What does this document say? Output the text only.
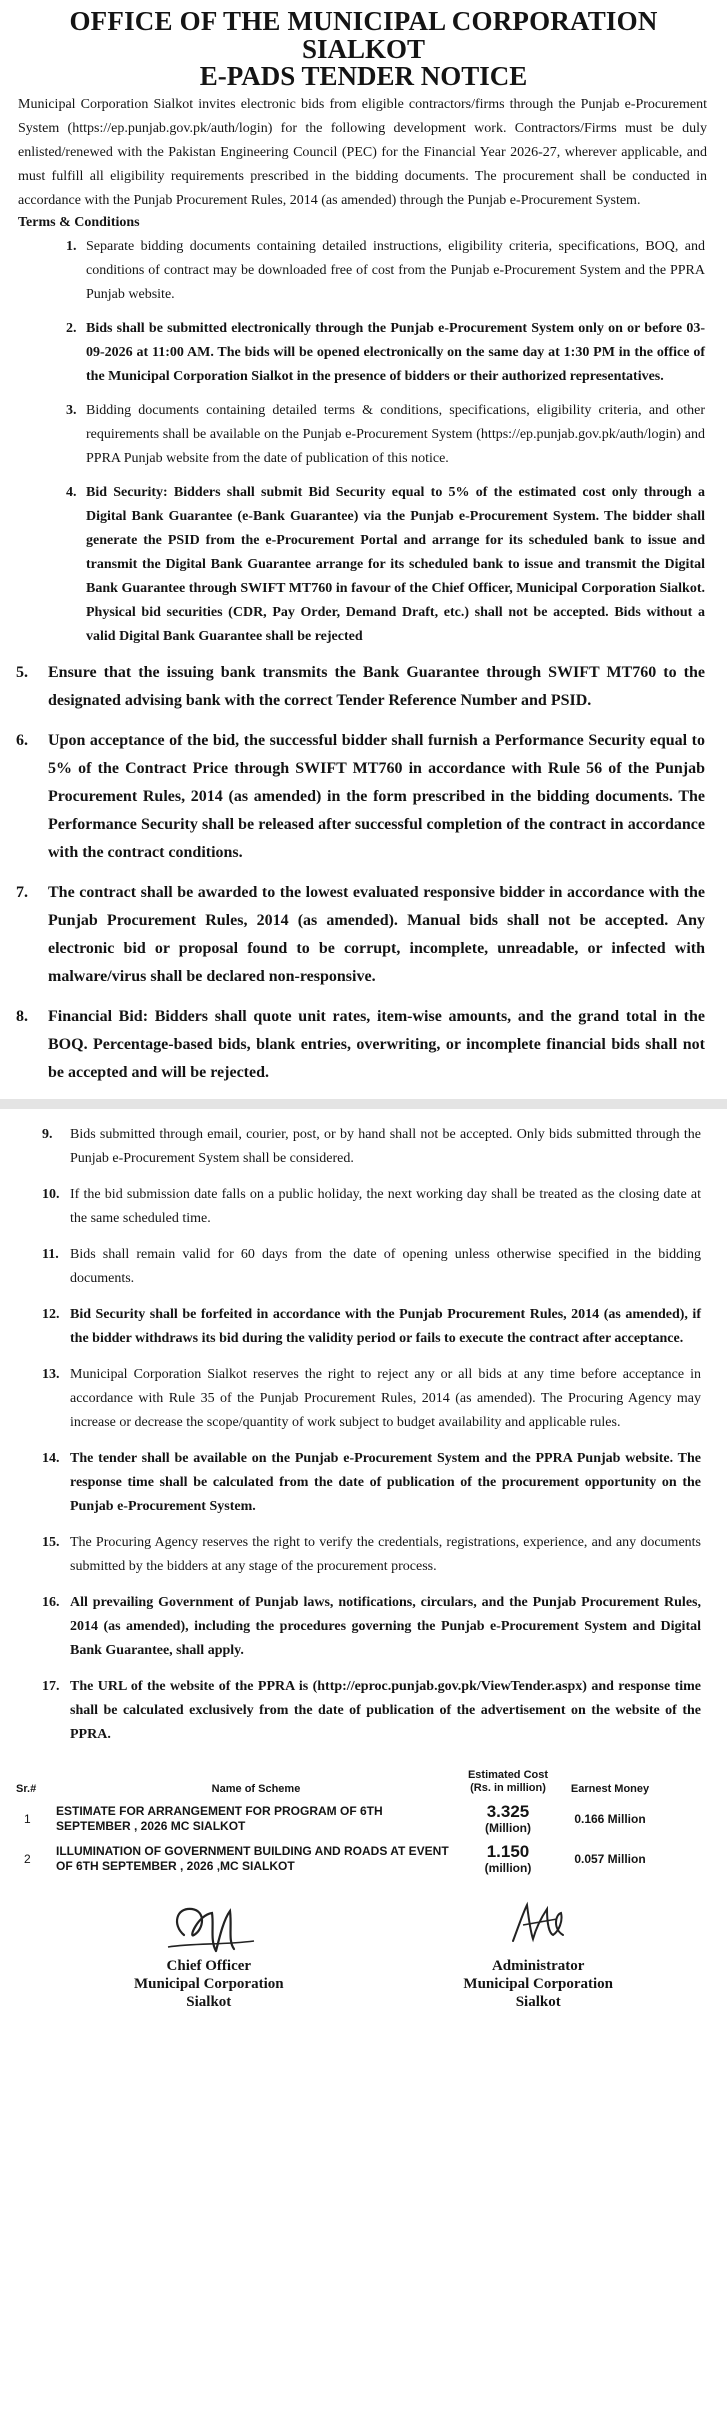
OFFICE OF THE MUNICIPAL CORPORATION
SIALKOT
E-PADS TENDER NOTICE

Municipal Corporation Sialkot invites electronic bids from eligible contractors/firms through the Punjab e-Procurement System (https://ep.punjab.gov.pk/auth/login) for the following development work. Contractors/Firms must be duly enlisted/renewed with the Pakistan Engineering Council (PEC) for the Financial Year 2026-27, wherever applicable, and must fulfill all eligibility requirements prescribed in the bidding documents. The procurement shall be conducted in accordance with the Punjab Procurement Rules, 2014 (as amended) through the Punjab e-Procurement System.

Terms & Conditions
1. Separate bidding documents containing detailed instructions, eligibility criteria, specifications, BOQ, and conditions of contract may be downloaded free of cost from the Punjab e-Procurement System and the PPRA Punjab website.
2. Bids shall be submitted electronically through the Punjab e-Procurement System only on or before 03-09-2026 at 11:00 AM. The bids will be opened electronically on the same day at 1:30 PM in the office of the Municipal Corporation Sialkot in the presence of bidders or their authorized representatives.
3. Bidding documents containing detailed terms & conditions, specifications, eligibility criteria, and other requirements shall be available on the Punjab e-Procurement System (https://ep.punjab.gov.pk/auth/login) and PPRA Punjab website from the date of publication of this notice.
4. Bid Security: Bidders shall submit Bid Security equal to 5% of the estimated cost only through a Digital Bank Guarantee (e-Bank Guarantee) via the Punjab e-Procurement System. The bidder shall generate the PSID from the e-Procurement Portal and arrange for its scheduled bank to issue and transmit the Digital Bank Guarantee arrange for its scheduled bank to issue and transmit the Digital Bank Guarantee through SWIFT MT760 in favour of the Chief Officer, Municipal Corporation Sialkot. Physical bid securities (CDR, Pay Order, Demand Draft, etc.) shall not be accepted. Bids without a valid Digital Bank Guarantee shall be rejected
5. Ensure that the issuing bank transmits the Bank Guarantee through SWIFT MT760 to the designated advising bank with the correct Tender Reference Number and PSID.
6. Upon acceptance of the bid, the successful bidder shall furnish a Performance Security equal to 5% of the Contract Price through SWIFT MT760 in accordance with Rule 56 of the Punjab Procurement Rules, 2014 (as amended) in the form prescribed in the bidding documents. The Performance Security shall be released after successful completion of the contract in accordance with the contract conditions.
7. The contract shall be awarded to the lowest evaluated responsive bidder in accordance with the Punjab Procurement Rules, 2014 (as amended). Manual bids shall not be accepted. Any electronic bid or proposal found to be corrupt, incomplete, unreadable, or infected with malware/virus shall be declared non-responsive.
8. Financial Bid: Bidders shall quote unit rates, item-wise amounts, and the grand total in the BOQ. Percentage-based bids, blank entries, overwriting, or incomplete financial bids shall not be accepted and will be rejected.
9. Bids submitted through email, courier, post, or by hand shall not be accepted. Only bids submitted through the Punjab e-Procurement System shall be considered.
10. If the bid submission date falls on a public holiday, the next working day shall be treated as the closing date at the same scheduled time.
11. Bids shall remain valid for 60 days from the date of opening unless otherwise specified in the bidding documents.
12. Bid Security shall be forfeited in accordance with the Punjab Procurement Rules, 2014 (as amended), if the bidder withdraws its bid during the validity period or fails to execute the contract after acceptance.
13. Municipal Corporation Sialkot reserves the right to reject any or all bids at any time before acceptance in accordance with Rule 35 of the Punjab Procurement Rules, 2014 (as amended). The Procuring Agency may increase or decrease the scope/quantity of work subject to budget availability and applicable rules.
14. The tender shall be available on the Punjab e-Procurement System and the PPRA Punjab website. The response time shall be calculated from the date of publication of the procurement opportunity on the Punjab e-Procurement System.
15. The Procuring Agency reserves the right to verify the credentials, registrations, experience, and any documents submitted by the bidders at any stage of the procurement process.
16. All prevailing Government of Punjab laws, notifications, circulars, and the Punjab Procurement Rules, 2014 (as amended), including the procedures governing the Punjab e-Procurement System and Digital Bank Guarantee, shall apply.
17. The URL of the website of the PPRA is (http://eproc.punjab.gov.pk/ViewTender.aspx) and response time shall be calculated exclusively from the date of publication of the advertisement on the website of the PPRA.
Sr.#	Name of Scheme
Estimated Cost
(Rs. in million)	Earnest Money
1
ESTIMATE FOR ARRANGEMENT FOR PROGRAM OF 6TH SEPTEMBER , 2026 MC SIALKOT
3.325
(Million)
0.166 Million
2
ILLUMINATION OF GOVERNMENT BUILDING AND ROADS AT EVENT OF 6TH SEPTEMBER , 2026 ,MC SIALKOT
1.150
(million)
0.057 Million
Chief Officer
Municipal Corporation
Sialkot
Administrator
Municipal Corporation
Sialkot
